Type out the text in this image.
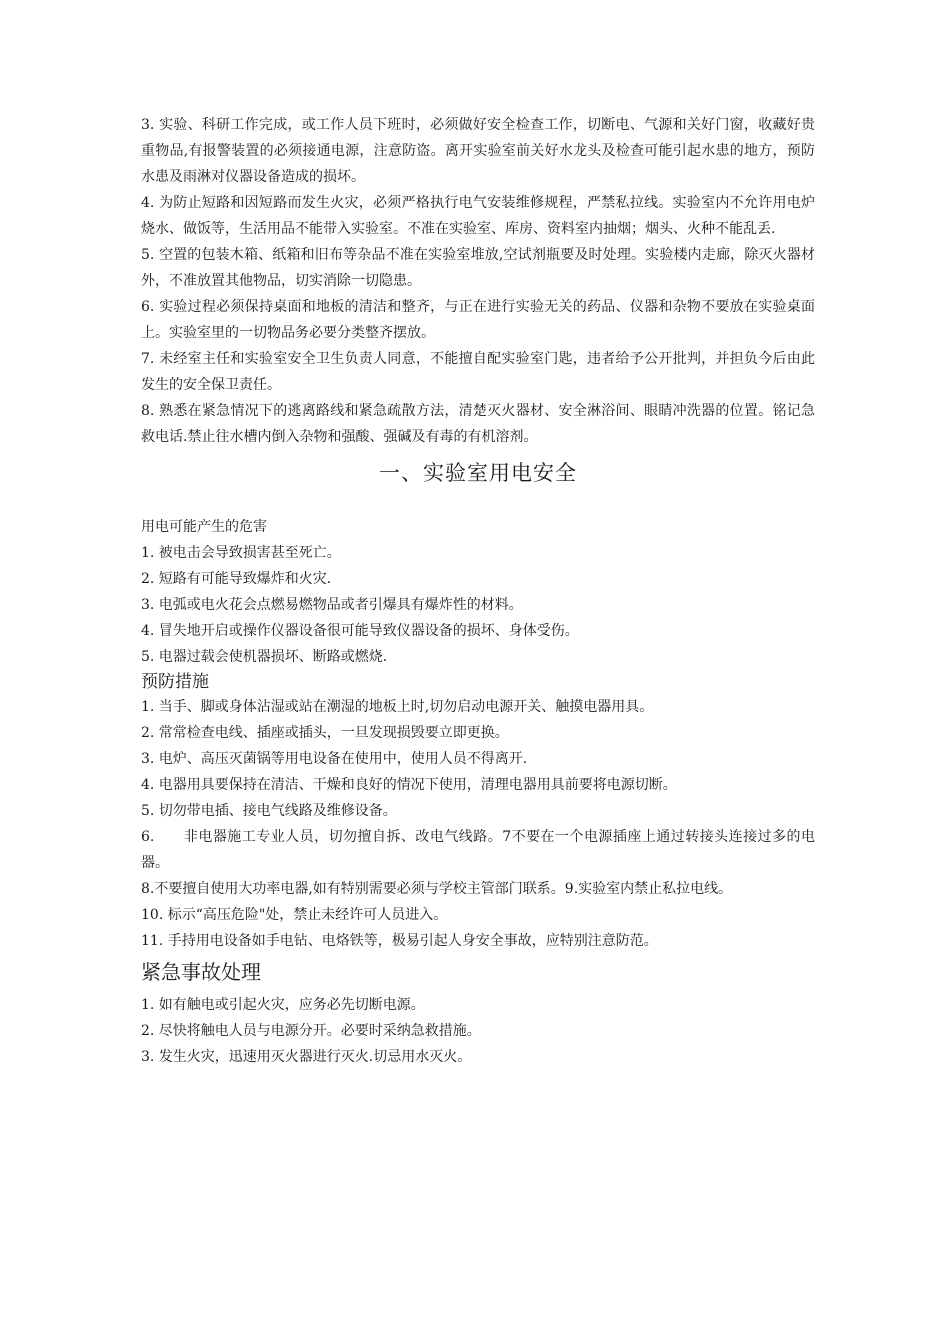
3. 实验、科研工作完成，或工作人员下班时，必须做好安全检查工作，切断电、气源和关好门窗，收藏好贵重物品,有报警装置的必须接通电源，注意防盗。离开实验室前关好水龙头及检查可能引起水患的地方，预防水患及雨淋对仪器设备造成的损坏。

4. 为防止短路和因短路而发生火灾，必须严格执行电气安装维修规程，严禁私拉线。实验室内不允许用电炉烧水、做饭等，生活用品不能带入实验室。不准在实验室、库房、资料室内抽烟；烟头、火种不能乱丢.

5. 空置的包装木箱、纸箱和旧布等杂品不准在实验室堆放,空试剂瓶要及时处理。实验楼内走廊，除灭火器材外，不准放置其他物品，切实消除一切隐患。

6. 实验过程必须保持桌面和地板的清洁和整齐，与正在进行实验无关的药品、仪器和杂物不要放在实验桌面上。实验室里的一切物品务必要分类整齐摆放。

7. 未经室主任和实验室安全卫生负责人同意，不能擅自配实验室门匙，违者给予公开批判，并担负今后由此发生的安全保卫责任。

8. 熟悉在紧急情况下的逃离路线和紧急疏散方法，清楚灭火器材、安全淋浴间、眼睛冲洗器的位置。铭记急救电话.禁止往水槽内倒入杂物和强酸、强碱及有毒的有机溶剂。

一、实验室用电安全

用电可能产生的危害

1. 被电击会导致损害甚至死亡。

2. 短路有可能导致爆炸和火灾.

3. 电弧或电火花会点燃易燃物品或者引爆具有爆炸性的材料。

4. 冒失地开启或操作仪器设备很可能导致仪器设备的损坏、身体受伤。

5. 电器过载会使机器损坏、断路或燃烧.

预防措施

1. 当手、脚或身体沾湿或站在潮湿的地板上时,切勿启动电源开关、触摸电器用具。

2. 常常检查电线、插座或插头，一旦发现损毁要立即更换。

3. 电炉、高压灭菌锅等用电设备在使用中，使用人员不得离开.

4. 电器用具要保持在清洁、干燥和良好的情况下使用，清理电器用具前要将电源切断。

5. 切勿带电插、接电气线路及维修设备。

6.      非电器施工专业人员，切勿擅自拆、改电气线路。7不要在一个电源插座上通过转接头连接过多的电器。

8.不要擅自使用大功率电器,如有特别需要必须与学校主管部门联系。9.实验室内禁止私拉电线。

10. 标示“高压危险"处，禁止未经许可人员进入。

11. 手持用电设备如手电钻、电烙铁等，极易引起人身安全事故，应特别注意防范。

紧急事故处理

1. 如有触电或引起火灾，应务必先切断电源。

2. 尽快将触电人员与电源分开。必要时采纳急救措施。

3. 发生火灾，迅速用灭火器进行灭火.切忌用水灭火。
